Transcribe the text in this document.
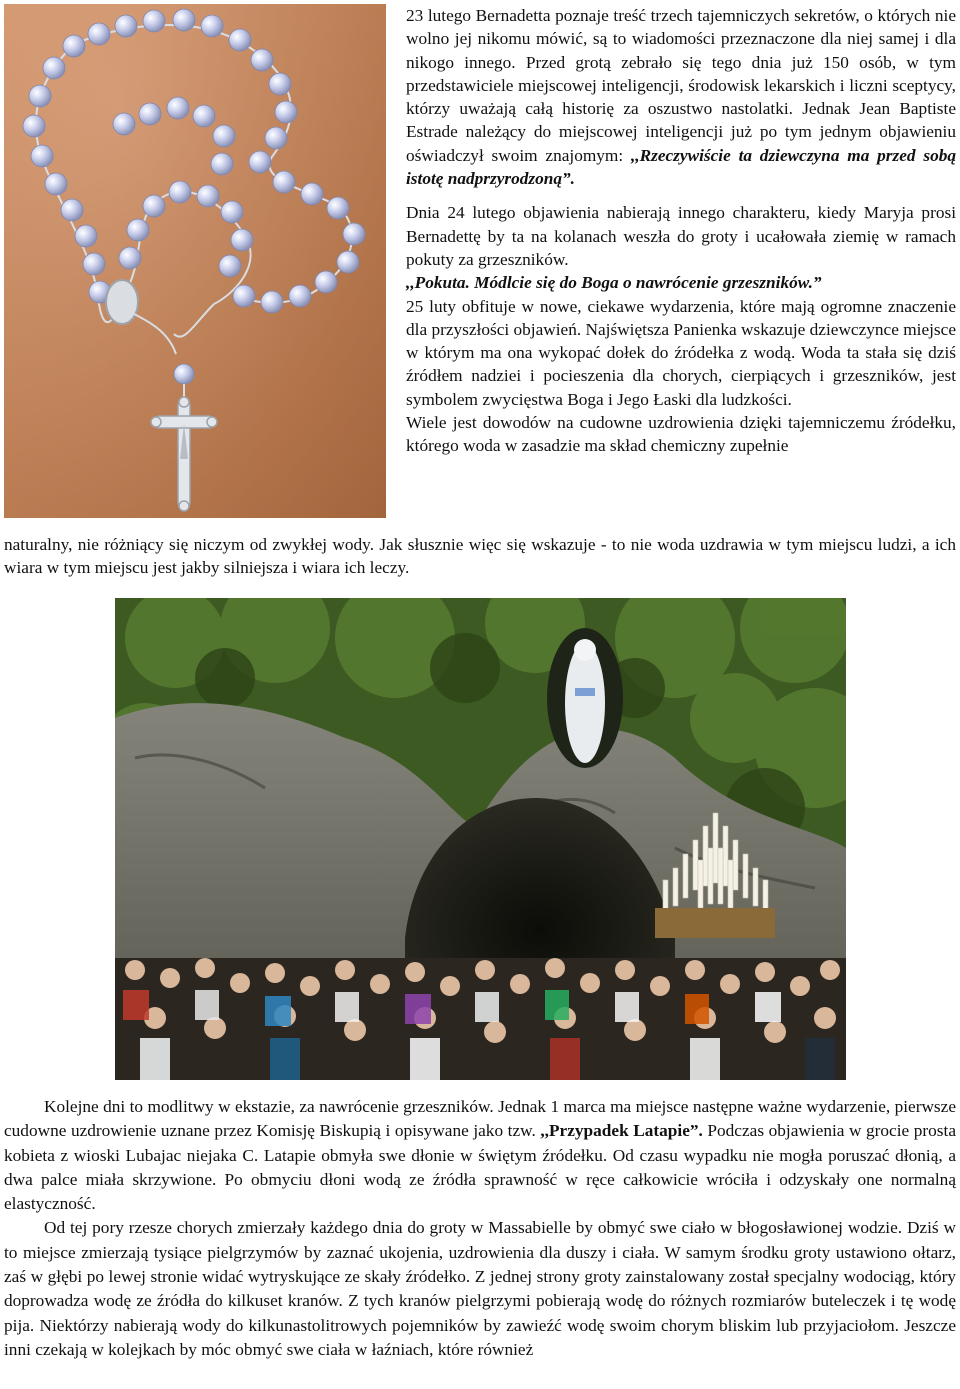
23 lutego Bernadetta poznaje treść trzech tajemniczych sekretów, o których nie wolno jej nikomu mówić, są to wiadomości przeznaczone dla niej samej i dla nikogo innego. Przed grotą zebrało się tego dnia już 150 osób, w tym przedstawiciele miejscowej inteligencji, środowisk lekarskich i liczni sceptycy, którzy uważają całą historię za oszustwo nastolatki. Jednak Jean Baptiste Estrade należący do miejscowej inteligencji już po tym jednym objawieniu oświadczył swoim znajomym: ,,Rzeczywiście ta dziewczyna ma przed sobą istotę nadprzyrodzoną”.

Dnia 24 lutego objawienia nabierają innego charakteru, kiedy Maryja prosi Bernadettę by ta na kolanach weszła do groty i ucałowała ziemię w ramach pokuty za grzeszników.

,,Pokuta. Módlcie się do Boga o nawrócenie grzeszników.”

25 luty obfituje w nowe, ciekawe wydarzenia, które mają ogromne znaczenie dla przyszłości objawień. Najświętsza Panienka wskazuje dziewczynce miejsce w którym ma ona wykopać dołek do źródełka z wodą. Woda ta stała się dziś źródłem nadziei i pocieszenia dla chorych, cierpiących i grzeszników, jest symbolem zwycięstwa Boga i Jego Łaski dla ludzkości.

Wiele jest dowodów na cudowne uzdrowienia dzięki tajemniczemu źródełku, którego woda w zasadzie ma skład chemiczny zupełnie

naturalny, nie różniący się niczym od zwykłej wody. Jak słusznie więc się wskazuje - to nie woda uzdrawia w tym miejscu ludzi, a ich wiara w tym miejscu jest jakby silniejsza i wiara ich leczy.

Kolejne dni to modlitwy w ekstazie, za nawrócenie grzeszników. Jednak 1 marca ma miejsce następne ważne wydarzenie, pierwsze cudowne uzdrowienie uznane przez Komisję Biskupią i opisywane jako tzw. ,,Przypadek Latapie”. Podczas objawienia w grocie prosta kobieta z wioski Lubajac niejaka C. Latapie obmyła swe dłonie w świętym źródełku. Od czasu wypadku nie mogła poruszać dłonią, a dwa palce miała skrzywione. Po obmyciu dłoni wodą ze źródła sprawność w ręce całkowicie wróciła i odzyskały one normalną elastyczność.

Od tej pory rzesze chorych zmierzały każdego dnia do groty w Massabielle by obmyć swe ciało w błogosławionej wodzie. Dziś w to miejsce zmierzają tysiące pielgrzymów by zaznać ukojenia, uzdrowienia dla duszy i ciała. W samym środku groty ustawiono ołtarz, zaś w głębi po lewej stronie widać wytryskujące ze skały źródełko. Z jednej strony groty zainstalowany został specjalny wodociąg, który doprowadza wodę ze źródła do kilkuset kranów. Z tych kranów pielgrzymi pobierają wodę do różnych rozmiarów buteleczek i tę wodę pija. Niektórzy nabierają wody do kilkunastolitrowych pojemników by zawieźć wodę swoim chorym bliskim lub przyjaciołom. Jeszcze inni czekają w kolejkach by móc obmyć swe ciała w łaźniach, które również
